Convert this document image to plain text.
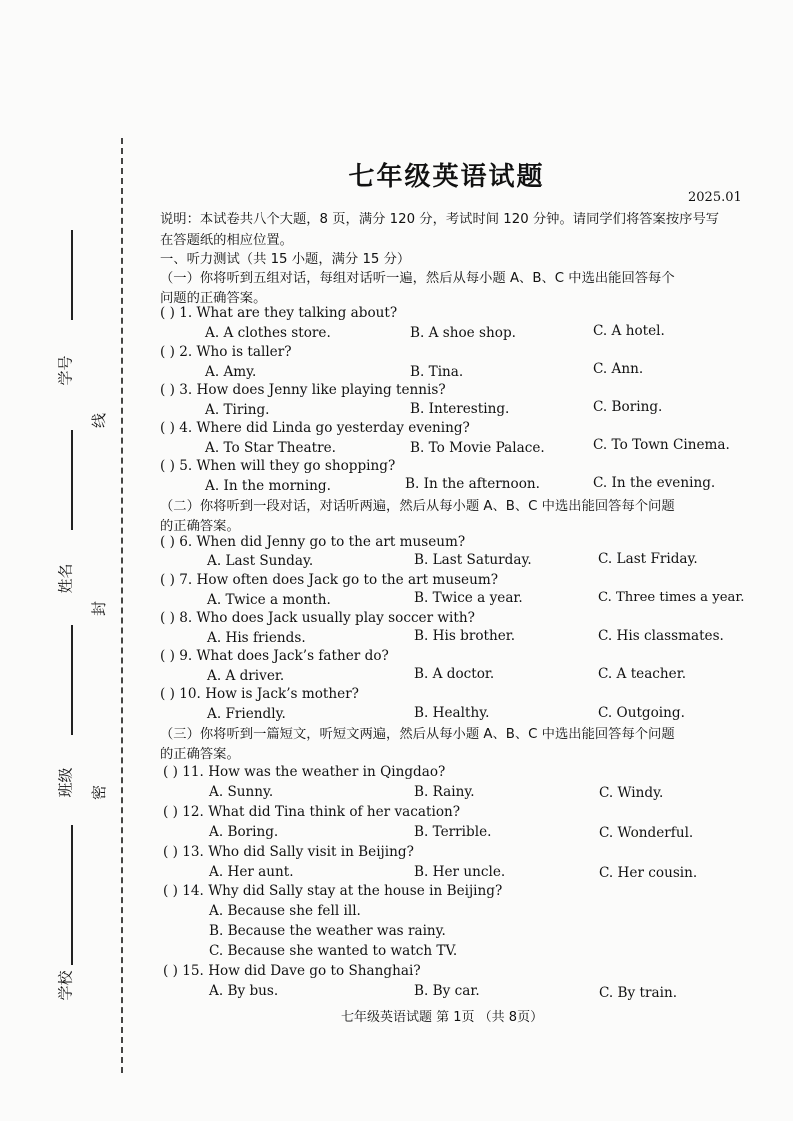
学号
线
姓名
封
班级 密
学校
七年级英语试题
2025.01
说明：本试卷共八个大题，8 页，满分 120 分，考试时间 120 分钟。请同学们将答案按序号写
在答题纸的相应位置。
一、听力测试（共 15 小题，满分 15 分）
（一）你将听到五组对话，每组对话听一遍，然后从每小题 A、B、C 中选出能回答每个
问题的正确答案。
( ) 1. What are they talking about?
A. A clothes store.	B. A shoe shop.	C. A hotel.
( ) 2. Who is taller?
A. Amy.	B. Tina.	C. Ann.
( ) 3. How does Jenny like playing tennis?
A. Tiring.	B. Interesting.	C. Boring.
( ) 4. Where did Linda go yesterday evening?
A. To Star Theatre.	B. To Movie Palace.	C. To Town Cinema.
( ) 5. When will they go shopping?
A. In the morning.	B. In the afternoon.	C. In the evening.
（二）你将听到一段对话，对话听两遍，然后从每小题 A、B、C 中选出能回答每个问题
的正确答案。
( ) 6. When did Jenny go to the art museum?
A. Last Sunday.	B. Last Saturday.	C. Last Friday.
( ) 7. How often does Jack go to the art museum?
A. Twice a month.	B. Twice a year.	C. Three times a year.
( ) 8. Who does Jack usually play soccer with?
A. His friends.	B. His brother.	C. His classmates.
( ) 9. What does Jack’s father do?
A. A driver.	B. A doctor.	C. A teacher.
( ) 10. How is Jack’s mother?
A. Friendly.	B. Healthy.	C. Outgoing.
（三）你将听到一篇短文，听短文两遍，然后从每小题 A、B、C 中选出能回答每个问题
的正确答案。
( ) 11. How was the weather in Qingdao?
A. Sunny.	B. Rainy.	C. Windy.
( ) 12. What did Tina think of her vacation?
A. Boring.	B. Terrible.	C. Wonderful.
( ) 13. Who did Sally visit in Beijing?
A. Her aunt.	B. Her uncle.	C. Her cousin.
( ) 14. Why did Sally stay at the house in Beijing?
A. Because she fell ill.
B. Because the weather was rainy.
C. Because she wanted to watch TV.
( ) 15. How did Dave go to Shanghai?
A. By bus.	B. By car.	C. By train.
七年级英语试题 第 1页 （共 8页）
